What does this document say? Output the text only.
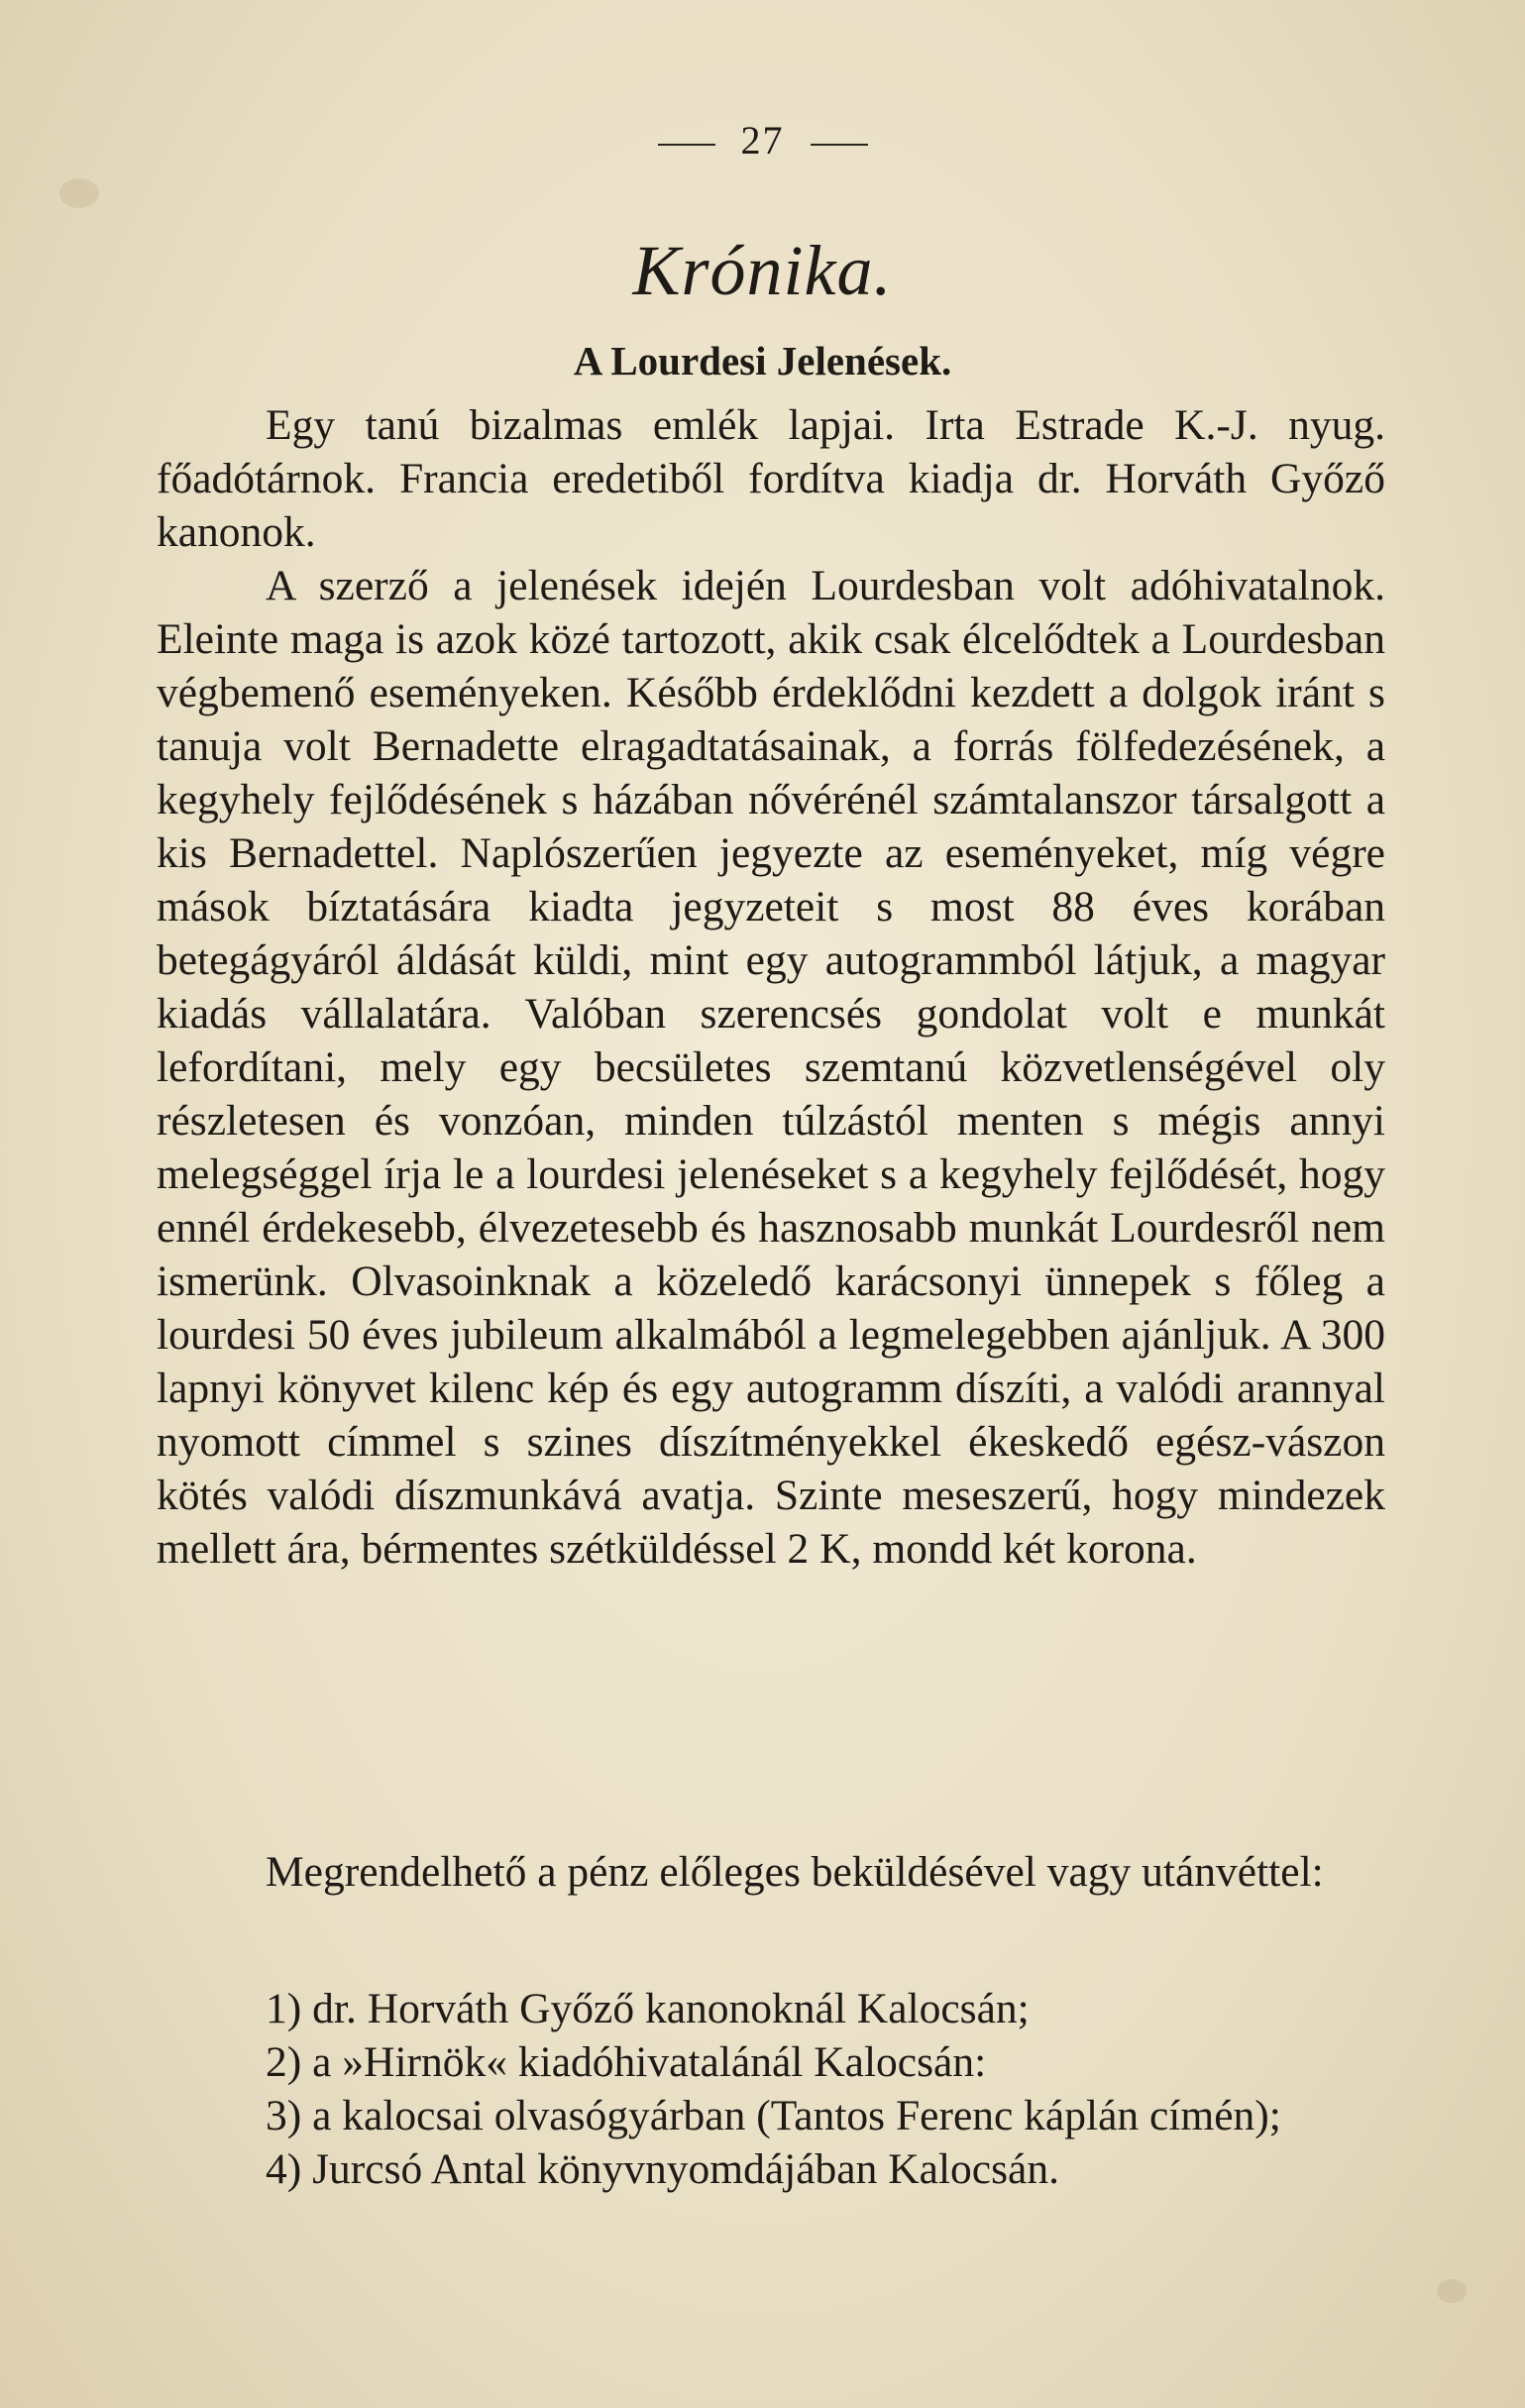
27
Krónika.
A Lourdesi Jelenések.

Egy tanú bizalmas emlék lapjai. Irta Estrade K.-J. nyug. főadótárnok. Francia eredetiből fordítva kiadja dr. Horváth Győző kanonok.

A szerző a jelenések idején Lourdesban volt adóhivatalnok. Eleinte maga is azok közé tartozott, akik csak élcelődtek a Lourdesban végbemenő eseményeken. Később érdeklődni kezdett a dolgok iránt s tanuja volt Bernadette elragadtatásainak, a forrás fölfedezésének, a kegyhely fejlődésének s házában nővérénél számtalanszor társalgott a kis Bernadettel. Naplószerűen jegyezte az eseményeket, míg végre mások bíztatására kiadta jegyzeteit s most 88 éves korában betegágyáról áldását küldi, mint egy autogrammból látjuk, a magyar kiadás vállalatára. Valóban szerencsés gondolat volt e munkát lefordítani, mely egy becsületes szemtanú közvetlenségével oly részletesen és vonzóan, minden túlzástól menten s mégis annyi melegséggel írja le a lourdesi jelenéseket s a kegyhely fejlődését, hogy ennél érdekesebb, élvezetesebb és hasznosabb munkát Lourdesről nem ismerünk. Olvasoinknak a közeledő karácsonyi ünnepek s főleg a lourdesi 50 éves jubileum alkalmából a legmelegebben ajánljuk. A 300 lapnyi könyvet kilenc kép és egy autogramm díszíti, a valódi arannyal nyomott címmel s szines díszítményekkel ékeskedő egész-vászon kötés valódi díszmunkává avatja. Szinte meseszerű, hogy mindezek mellett ára, bérmentes szétküldéssel 2 K, mondd két korona.

Megrendelhető a pénz előleges beküldésével vagy utánvéttel:

1) dr. Horváth Győző kanonoknál Kalocsán;

2) a »Hirnök« kiadóhivatalánál Kalocsán:

3) a kalocsai olvasógyárban (Tantos Ferenc káplán címén);

4) Jurcsó Antal könyvnyomdájában Kalocsán.
